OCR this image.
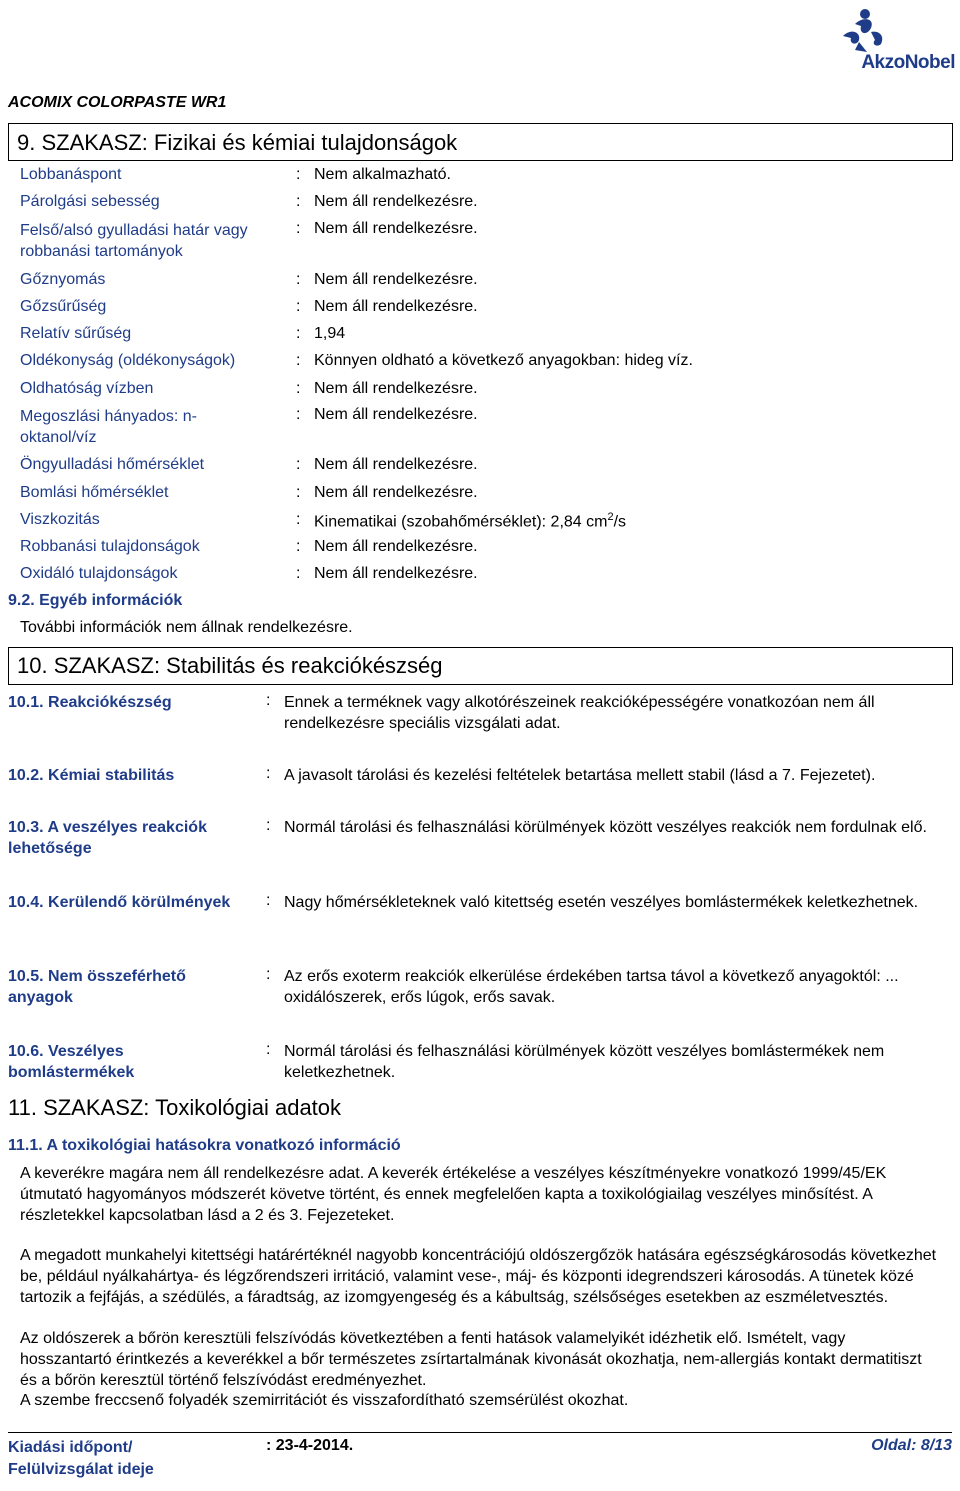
AkzoNobel
ACOMIX COLORPASTE WR1
9. SZAKASZ: Fizikai és kémiai tulajdonságok
Lobbanáspont	: Nem alkalmazható.
Párolgási sebesség	: Nem áll rendelkezésre.
Felső/alsó gyulladási határ vagy robbanási tartományok
: Nem áll rendelkezésre.
Gőznyomás	: Nem áll rendelkezésre.
Gőzsűrűség	: Nem áll rendelkezésre.
Relatív sűrűség	: 1,94
Oldékonyság (oldékonyságok)	: Könnyen oldható a következő anyagokban: hideg víz.
Oldhatóság vízben	: Nem áll rendelkezésre.
Megoszlási hányados: n-oktanol/víz
: Nem áll rendelkezésre.
Öngyulladási hőmérséklet	: Nem áll rendelkezésre.
Bomlási hőmérséklet	: Nem áll rendelkezésre.
Viszkozitás	: Kinematikai (szobahőmérséklet): 2,84 $cm^2/s$
Robbanási tulajdonságok	: Nem áll rendelkezésre.
Oxidáló tulajdonságok	: Nem áll rendelkezésre.
9.2. Egyéb információk
További információk nem állnak rendelkezésre.
10. SZAKASZ: Stabilitás és reakciókészség
10.1. Reakciókészség	: Ennek a terméknek vagy alkotórészeinek reakcióképességére vonatkozóan nem áll rendelkezésre speciális vizsgálati adat.
10.2. Kémiai stabilitás	: A javasolt tárolási és kezelési feltételek betartása mellett stabil (lásd a 7. Fejezetet).
10.3. A veszélyes reakciók lehetősége
: Normál tárolási és felhasználási körülmények között veszélyes reakciók nem fordulnak elő.
10.4. Kerülendő körülmények	: Nagy hőmérsékleteknek való kitettség esetén veszélyes bomlástermékek keletkezhetnek.
10.5. Nem összeférhető anyagok
: Az erős exoterm reakciók elkerülése érdekében tartsa távol a következő anyagoktól: ... oxidálószerek, erős lúgok, erős savak.
10.6. Veszélyes bomlástermékek
: Normál tárolási és felhasználási körülmények között veszélyes bomlástermékek nem keletkezhetnek.
11. SZAKASZ: Toxikológiai adatok
11.1. A toxikológiai hatásokra vonatkozó információ
A keverékre magára nem áll rendelkezésre adat. A keverék értékelése a veszélyes készítményekre vonatkozó 1999/45/EK útmutató hagyományos módszerét követve történt, és ennek megfelelően kapta a toxikológiailag veszélyes minősítést. A részletekkel kapcsolatban lásd a 2 és 3. Fejezeteket.
A megadott munkahelyi kitettségi határértéknél nagyobb koncentrációjú oldószergőzök hatására egészségkárosodás következhet be, például nyálkahártya- és légzőrendszeri irritáció, valamint vese-, máj- és központi idegrendszeri károsodás. A tünetek közé tartozik a fejfájás, a szédülés, a fáradtság, az izomgyengeség és a kábultság, szélsőséges esetekben az eszméletvesztés.
Az oldószerek a bőrön keresztüli felszívódás következtében a fenti hatások valamelyikét idézhetik elő. Ismételt, vagy hosszantartó érintkezés a keverékkel a bőr természetes zsírtartalmának kivonását okozhatja, nem-allergiás kontakt dermatitiszt és a bőrön keresztül történő felszívódást eredményezhet.
A szembe freccsenő folyadék szemirritációt és visszafordítható szemsérülést okozhat.
Kiadási időpont/
Felülvizsgálat ideje
: 23-4-2014.	Oldal: 8/13
